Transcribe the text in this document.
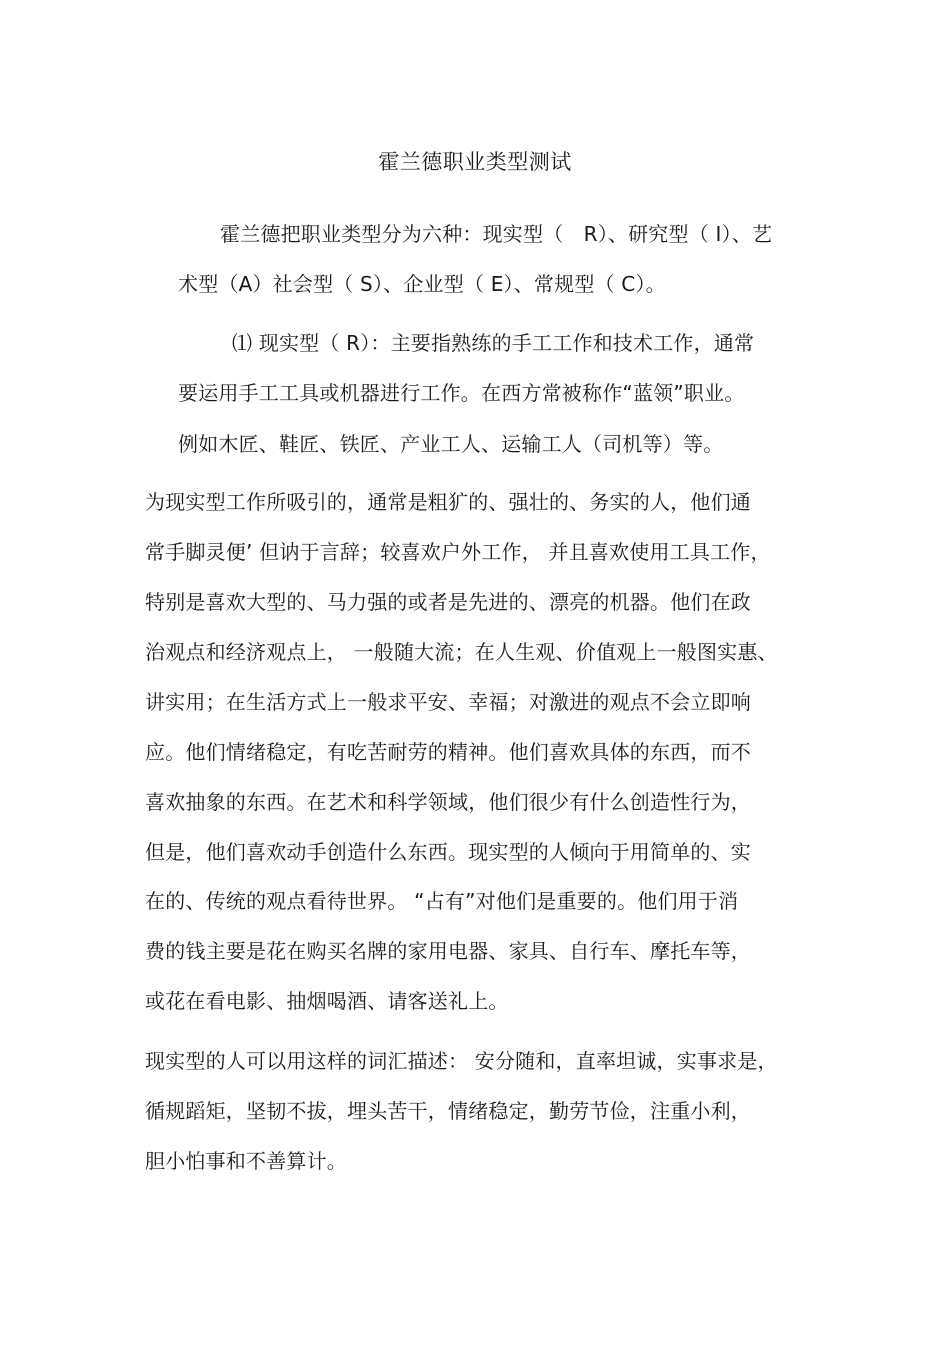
霍兰德职业类型测试
霍兰德把职业类型分为六种：现实型（　R）、研究型（ I）、艺
术型（A）社会型（ S）、企业型（ E）、常规型（ C）。
⑴ 现实型（ R）：主要指熟练的手工工作和技术工作，通常
要运用手工工具或机器进行工作。在西方常被称作“蓝领”职业。
例如木匠、鞋匠、铁匠、产业工人、运输工人（司机等）等。
为现实型工作所吸引的，通常是粗犷的、强壮的、务实的人，他们通
常手脚灵便’ 但讷于言辞；较喜欢户外工作， 并且喜欢使用工具工作，
特别是喜欢大型的、马力强的或者是先进的、漂亮的机器。他们在政
治观点和经济观点上， 一般随大流；在人生观、价值观上一般图实惠、
讲实用；在生活方式上一般求平安、幸福；对激进的观点不会立即响
应。他们情绪稳定，有吃苦耐劳的精神。他们喜欢具体的东西，而不
喜欢抽象的东西。在艺术和科学领域，他们很少有什么创造性行为，
但是，他们喜欢动手创造什么东西。现实型的人倾向于用简单的、实
在的、传统的观点看待世界。 “占有”对他们是重要的。他们用于消
费的钱主要是花在购买名牌的家用电器、家具、自行车、摩托车等，
或花在看电影、抽烟喝酒、请客送礼上。
现实型的人可以用这样的词汇描述： 安分随和，直率坦诚，实事求是，
循规蹈矩，坚韧不拔，埋头苦干，情绪稳定，勤劳节俭，注重小利，
胆小怕事和不善算计。
